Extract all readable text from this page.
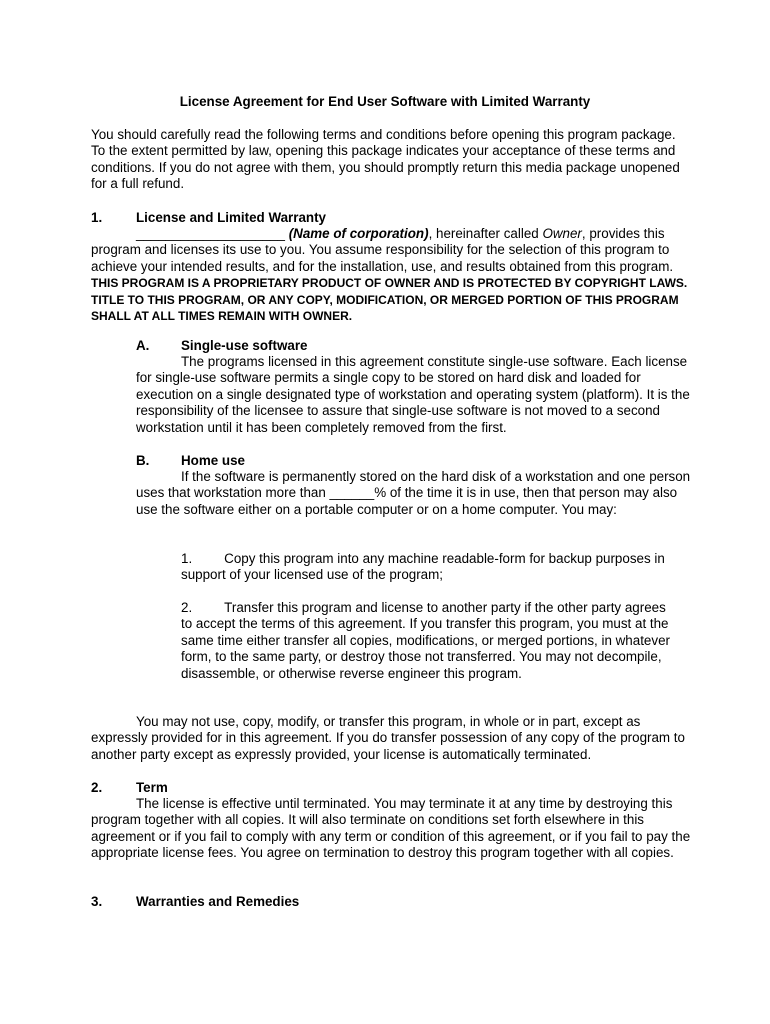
License Agreement for End User Software with Limited Warranty

You should carefully read the following terms and conditions before opening this program package. To the extent permitted by law, opening this package indicates your acceptance of these terms and conditions. If you do not agree with them, you should promptly return this media package unopened for a full refund.

1.	License and Limited Warranty

____________________ (Name of corporation), hereinafter called Owner, provides this program and licenses its use to you. You assume responsibility for the selection of this program to achieve your intended results, and for the installation, use, and results obtained from this program. THIS PROGRAM IS A PROPRIETARY PRODUCT OF OWNER AND IS PROTECTED BY COPYRIGHT LAWS. TITLE TO THIS PROGRAM, OR ANY COPY, MODIFICATION, OR MERGED PORTION OF THIS PROGRAM SHALL AT ALL TIMES REMAIN WITH OWNER.

A. Single-use software

The programs licensed in this agreement constitute single-use software. Each license for single-use software permits a single copy to be stored on hard disk and loaded for execution on a single designated type of workstation and operating system (platform). It is the responsibility of the licensee to assure that single-use software is not moved to a second workstation until it has been completely removed from the first.

B. Home use

If the software is permanently stored on the hard disk of a workstation and one person uses that workstation more than ______% of the time it is in use, then that person may also use the software either on a portable computer or on a home computer. You may:

1. Copy this program into any machine readable-form for backup purposes in support of your licensed use of the program;
2. Transfer this program and license to another party if the other party agrees to accept the terms of this agreement. If you transfer this program, you must at the same time either transfer all copies, modifications, or merged portions, in whatever form, to the same party, or destroy those not transferred. You may not decompile, disassemble, or otherwise reverse engineer this program.

You may not use, copy, modify, or transfer this program, in whole or in part, except as expressly provided for in this agreement. If you do transfer possession of any copy of the program to another party except as expressly provided, your license is automatically terminated.

2.	Term

The license is effective until terminated. You may terminate it at any time by destroying this program together with all copies. It will also terminate on conditions set forth elsewhere in this agreement or if you fail to comply with any term or condition of this agreement, or if you fail to pay the appropriate license fees. You agree on termination to destroy this program together with all copies.

3.	Warranties and Remedies
